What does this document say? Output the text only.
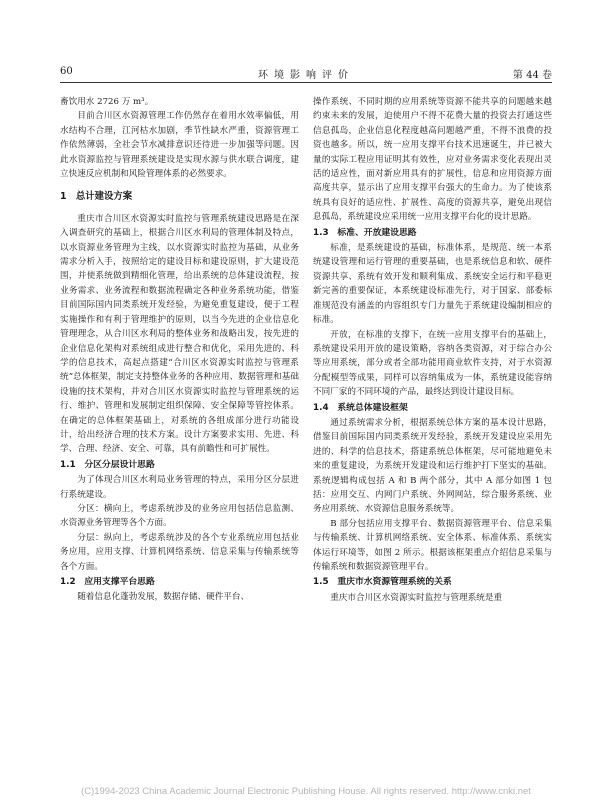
60	环境影响评价	第 44 卷

畜饮用水 2726 万 m³。

目前合川区水资源管理工作仍然存在着用水效率偏低，用水结构不合理，江河枯水加剧，季节性缺水严重，资源管理工作依然薄弱，全社会节水减排意识还待进一步加强等问题。因此水资源监控与管理系统建设是实现水源与供水联合调度，建立快速反应机制和风险管理体系的必然要求。

1　总计建设方案

重庆市合川区水资源实时监控与管理系统建设思路是在深入调查研究的基础上，根据合川区水利局的管理体制及特点，以水资源业务管理为主线，以水资源实时监控为基础，从业务需求分析入手，按照给定的建设目标和建设原则，扩大建设范围，并使系统做到精细化管理，给出系统的总体建设流程，按业务需求、业务流程和数据流程确定各种业务系统功能，借鉴目前国际国内同类系统开发经验，为避免重复建设，便于工程实施操作和有利于管理维护的原则，以当今先进的企业信息化管理理念，从合川区水利局的整体业务和战略出发，按先进的企业信息化架构对系统组成进行整合和优化，采用先进的、科学的信息技术，高起点搭建“合川区水资源实时监控与管理系统”总体框架，制定支持整体业务的各种应用、数据管理和基础设施的技术架构，并对合川区水资源实时监控与管理系统的运行、维护、管理和发展制定组织保障、安全保障等管控体系。在确定的总体框架基础上，对系统的各组成部分进行功能设计，给出经济合理的技术方案。设计方案要求实用、先进、科学、合理、经济、安全、可靠，具有前瞻性和可扩展性。

1.1　分区分层设计思路

为了体现合川区水利局业务管理的特点，采用分区分层进行系统建设。

分区：横向上，考虑系统涉及的业务应用包括信息监测、水资源业务管理等各个方面。

分层：纵向上，考虑系统涉及的各个专业系统应用包括业务应用，应用支撑、计算机网络系统、信息采集与传输系统等各个方面。

1.2　应用支撑平台思路

随着信息化蓬勃发展，数据存储、硬件平台、

操作系统、不同时期的应用系统等资源不能共享的问题越来越约束未来的发展，迫使用户不得不花费大量的投资去打通这些信息孤岛，企业信息化程度越高问题越严重，不得不浪费的投资也越多。所以，统一应用支撑平台技术迅速诞生，并已被大量的实际工程应用证明其有效性，应对业务需求变化表现出灵活的适应性，面对新应用具有的扩展性，信息和应用资源方面高度共享，显示出了应用支撑平台强大的生命力。为了使该系统具有良好的适应性、扩展性、高度的资源共享，避免出现信息孤岛，系统建设应采用统一应用支撑平台化的设计思路。

1.3　标准、开放建设思路

标准，是系统建设的基础，标准体系，是规范、统一本系统建设管理和运行管理的重要基础，也是系统信息和软、硬件资源共享、系统有效开发和顺利集成、系统安全运行和平稳更新完善的重要保证，本系统建设标准先行，对于国家、部委标准规范没有涵盖的内容组织专门力量先于系统建设编制相应的标准。

开放，在标准的支撑下，在统一应用支撑平台的基础上，系统建设采用开放的建设策略，容纳各类资源，对于综合办公等应用系统，部分或者全部功能用商业软件支持，对于水资源分配模型等成果，同样可以容纳集成为一体，系统建设能容纳不同厂家的不同环境的产品，最终达到设计建设目标。

1.4　系统总体建设框架

通过系统需求分析，根据系统总体方案的基本设计思路，借鉴目前国际国内同类系统开发经验，系统开发建设应采用先进的、科学的信息技术，搭建系统总体框架，尽可能地避免未来的重复建设，为系统开发建设和运行维护打下坚实的基础。系统逻辑构成包括 A 和 B 两个部分，其中 A 部分如图 1 包括：应用交互、内网门户系统、外网网站，综合服务系统、业务应用系统、水资源信息服务系统等。

B 部分包括应用支撑平台、数据资源管理平台、信息采集与传输系统、计算机网络系统、安全体系、标准体系、系统实体运行环境等，如图 2 所示。根据该框架重点介绍信息采集与传输系统和数据资源管理平台。

1.5　重庆市水资源管理系统的关系

重庆市合川区水资源实时监控与管理系统是重

(C)1994-2023 China Academic Journal Electronic Publishing House. All rights reserved. http://www.cnki.net
